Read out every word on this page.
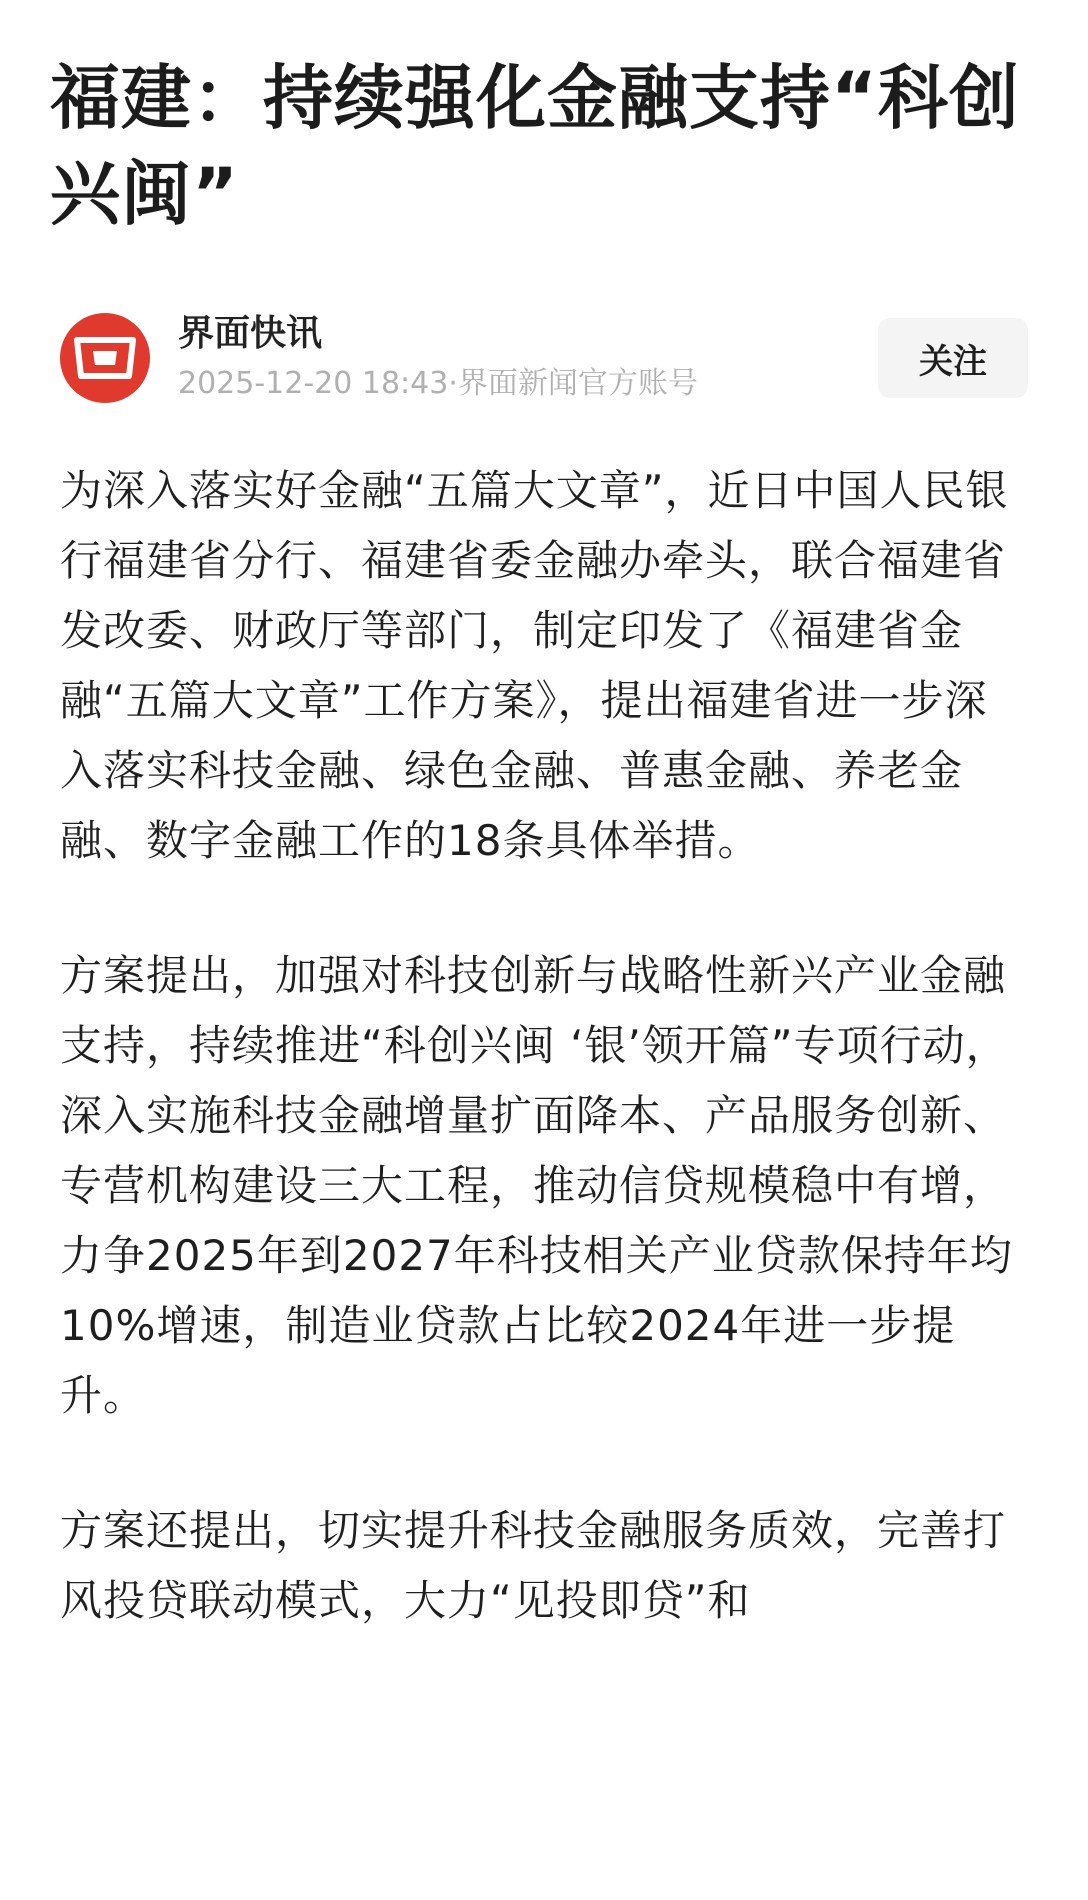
福建：持续强化金融支持“科创兴闽”
界面快讯
2025-12-20 18:43·界面新闻官方账号
关注

为深入落实好金融“五篇大文章”，近日中国人民银行福建省分行、福建省委金融办牵头，联合福建省发改委、财政厅等部门，制定印发了《福建省金融“五篇大文章”工作方案》，提出福建省进一步深入落实科技金融、绿色金融、普惠金融、养老金融、数字金融工作的18条具体举措。

方案提出，加强对科技创新与战略性新兴产业金融支持，持续推进“科创兴闽 ‘银’领开篇”专项行动，深入实施科技金融增量扩面降本、产品服务创新、专营机构建设三大工程，推动信贷规模稳中有增，力争2025年到2027年科技相关产业贷款保持年均10%增速，制造业贷款占比较2024年进一步提升。

方案还提出，切实提升科技金融服务质效，完善打风投贷联动模式，大力“见投即贷”和
